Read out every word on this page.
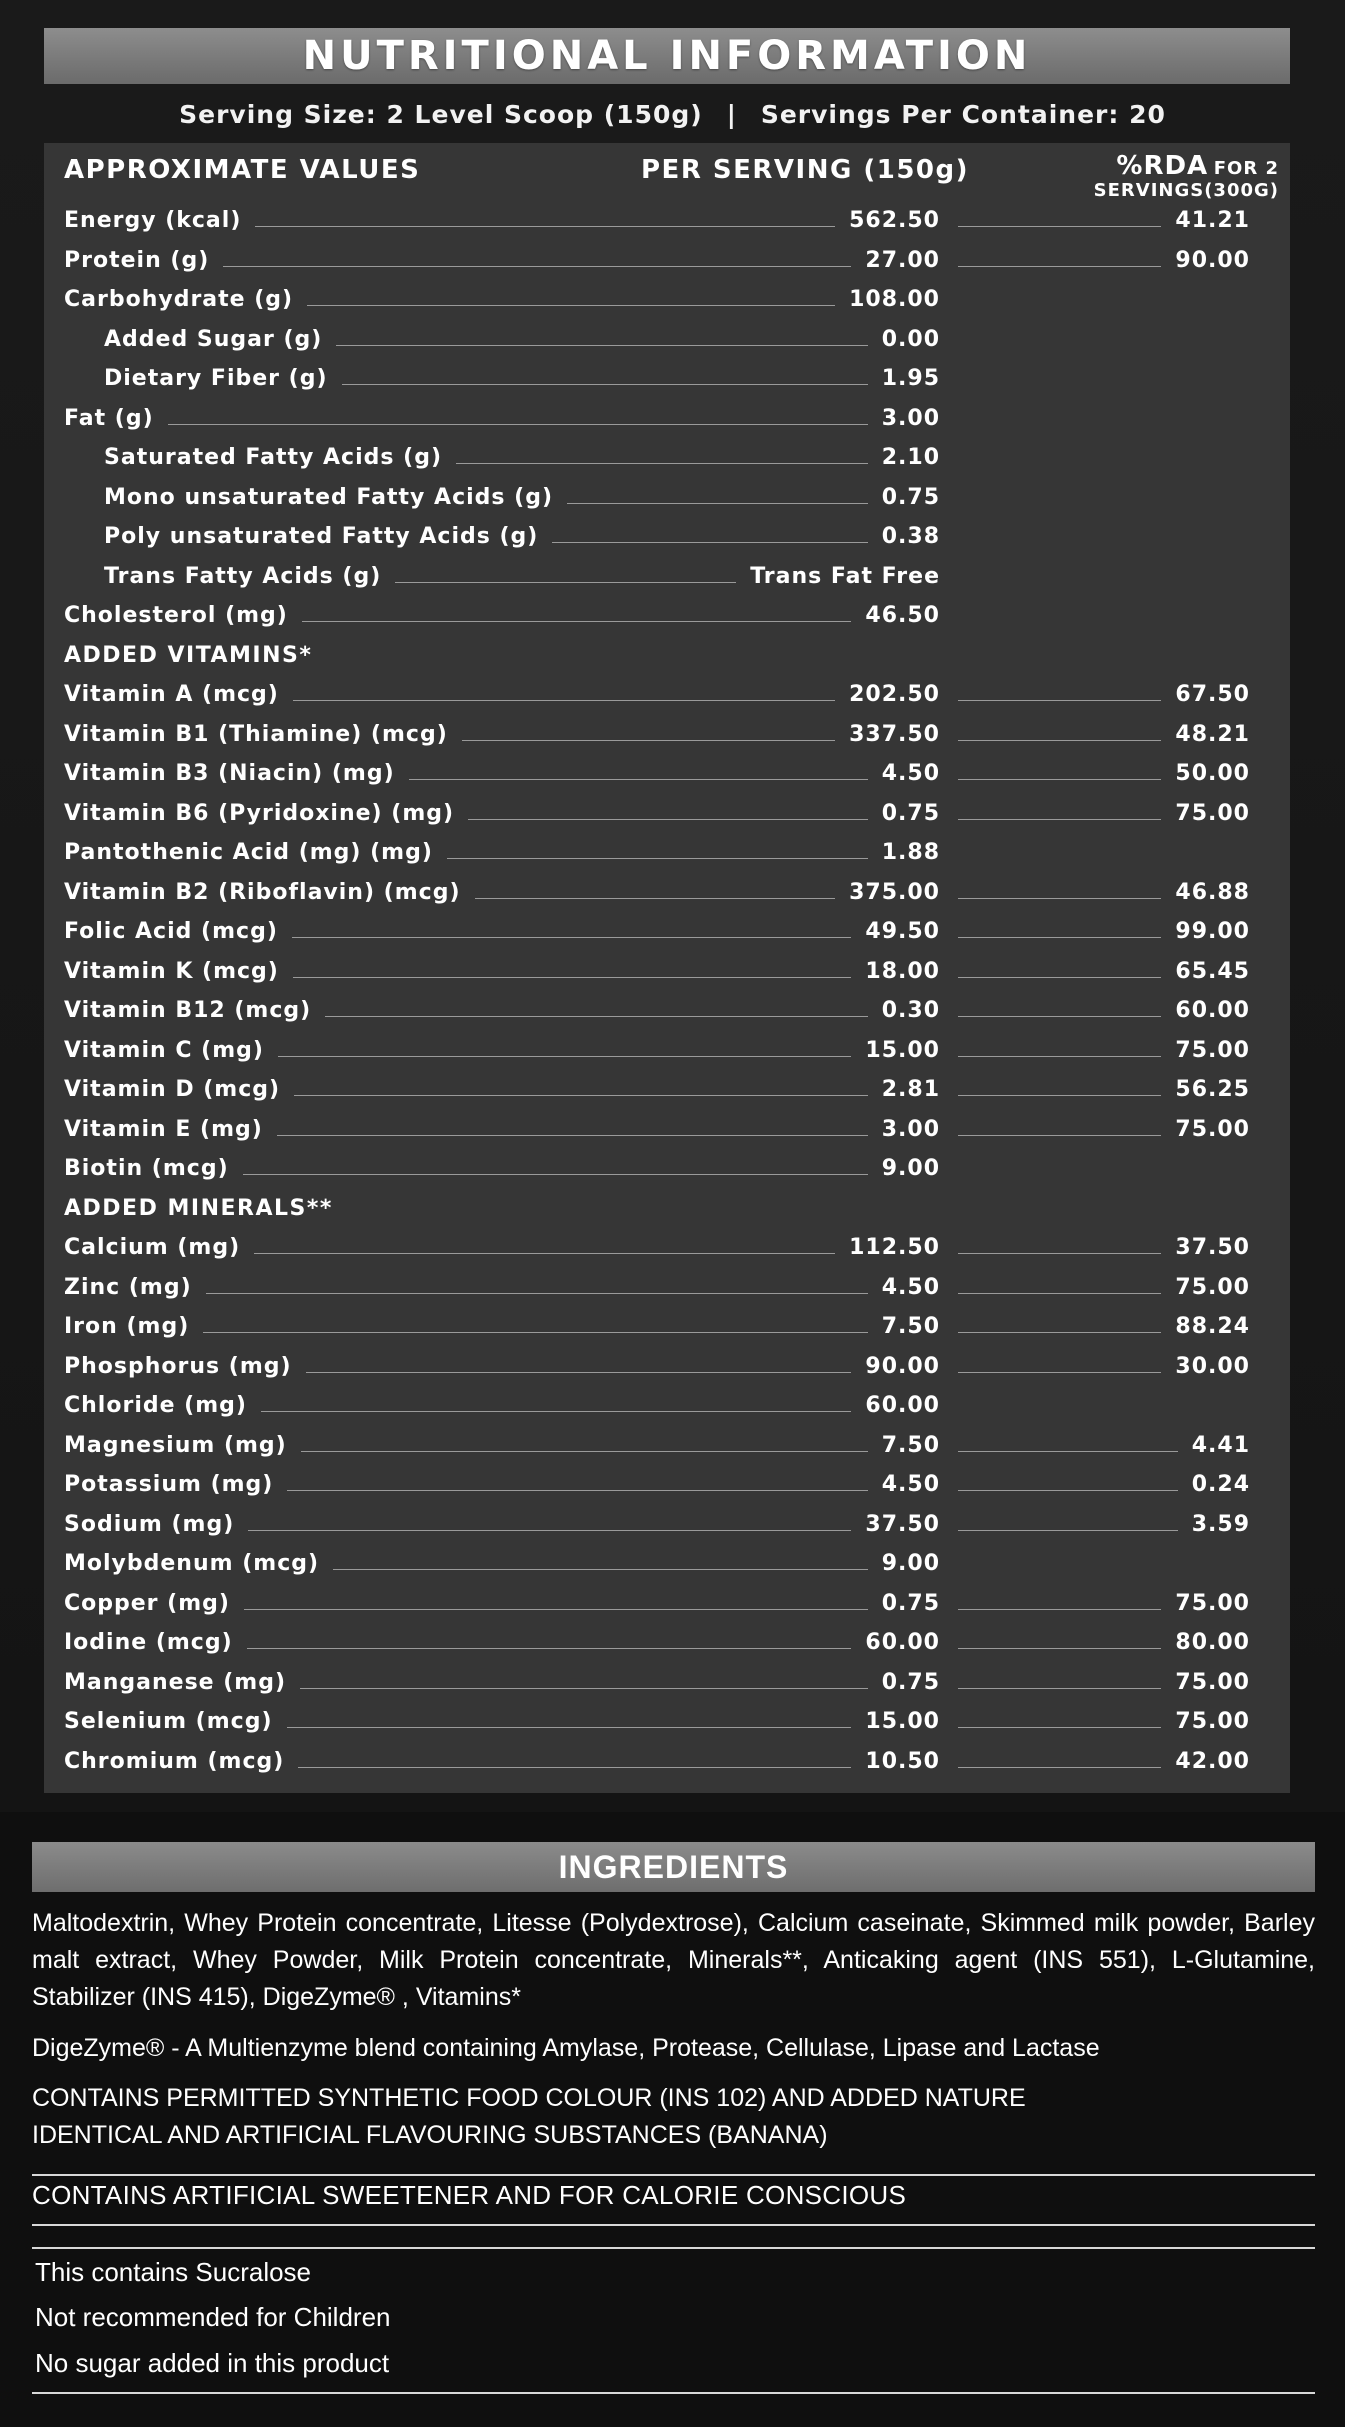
NUTRITIONAL INFORMATION
Serving Size: 2 Level Scoop (150g) | Servings Per Container: 20
APPROXIMATE VALUES	PER SERVING (150g)	%RDA FOR 2
SERVINGS(300G)
Energy (kcal)	562.50	41.21
Protein (g)	27.00	90.00
Carbohydrate (g)	108.00
Added Sugar (g)	0.00
Dietary Fiber (g)	1.95
Fat (g)	3.00
Saturated Fatty Acids (g)	2.10
Mono unsaturated Fatty Acids (g)	0.75
Poly unsaturated Fatty Acids (g)	0.38
Trans Fatty Acids (g)	Trans Fat Free
Cholesterol (mg)	46.50
ADDED VITAMINS*
Vitamin A (mcg)	202.50	67.50
Vitamin B1 (Thiamine) (mcg)	337.50	48.21
Vitamin B3 (Niacin) (mg)	4.50	50.00
Vitamin B6 (Pyridoxine) (mg)	0.75	75.00
Pantothenic Acid (mg) (mg)	1.88
Vitamin B2 (Riboflavin) (mcg)	375.00	46.88
Folic Acid (mcg)	49.50	99.00
Vitamin K (mcg)	18.00	65.45
Vitamin B12 (mcg)	0.30	60.00
Vitamin C (mg)	15.00	75.00
Vitamin D (mcg)	2.81	56.25
Vitamin E (mg)	3.00	75.00
Biotin (mcg)	9.00
ADDED MINERALS**
Calcium (mg)	112.50	37.50
Zinc (mg)	4.50	75.00
Iron (mg)	7.50	88.24
Phosphorus (mg)	90.00	30.00
Chloride (mg)	60.00
Magnesium (mg)	7.50	4.41
Potassium (mg)	4.50	0.24
Sodium (mg)	37.50	3.59
Molybdenum (mcg)	9.00
Copper (mg)	0.75	75.00
Iodine (mcg)	60.00	80.00
Manganese (mg)	0.75	75.00
Selenium (mcg)	15.00	75.00
Chromium (mcg)	10.50	42.00
INGREDIENTS
Maltodextrin, Whey Protein concentrate, Litesse (Polydextrose), Calcium caseinate, Skimmed milk powder, Barley malt extract, Whey Powder, Milk Protein concentrate, Minerals**, Anticaking agent (INS 551), L-Glutamine, Stabilizer (INS 415), DigeZyme® , Vitamins*
DigeZyme® - A Multienzyme blend containing Amylase, Protease, Cellulase, Lipase and Lactase
CONTAINS PERMITTED SYNTHETIC FOOD COLOUR (INS 102) AND ADDED NATURE
IDENTICAL AND ARTIFICIAL FLAVOURING SUBSTANCES (BANANA)
CONTAINS ARTIFICIAL SWEETENER AND FOR CALORIE CONSCIOUS
This contains Sucralose
Not recommended for Children
No sugar added in this product
